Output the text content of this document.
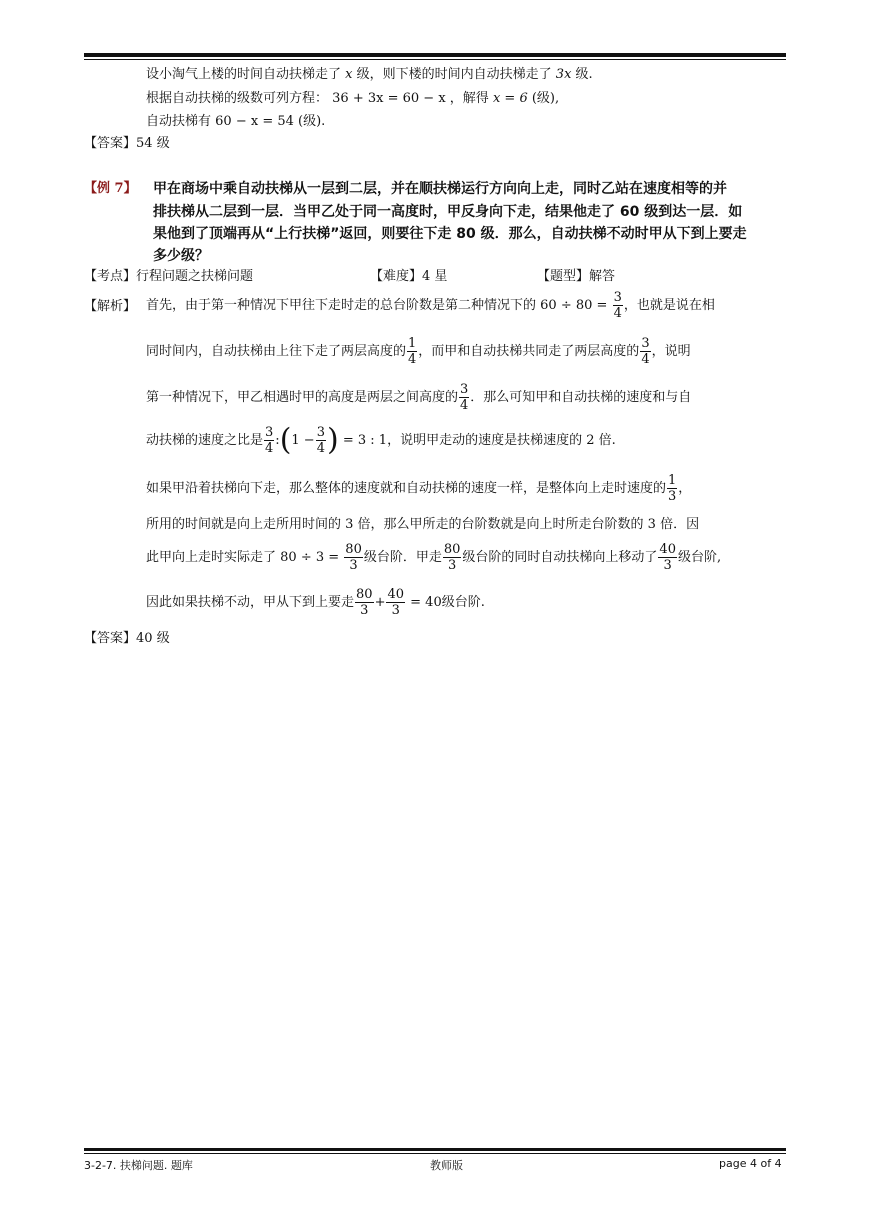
设小淘气上楼的时间自动扶梯走了 x 级，则下楼的时间内自动扶梯走了 3x 级.
根据自动扶梯的级数可列方程： 36 + 3x = 60 − x ，解得 x = 6 (级),
自动扶梯有 60 − x = 54 (级).
【答案】54 级
【例 7】 甲在商场中乘自动扶梯从一层到二层，并在顺扶梯运行方向向上走，同时乙站在速度相等的并
排扶梯从二层到一层．当甲乙处于同一高度时，甲反身向下走，结果他走了 60 级到达一层．如
果他到了顶端再从“上行扶梯”返回，则要往下走 80 级．那么，自动扶梯不动时甲从下到上要走
多少级？
【考点】行程问题之扶梯问题	【难度】4 星	【题型】解答
【解析】 首先，由于第一种情况下甲往下走时走的总台阶数是第二种情况下的 $60 \div 80 = \frac{3}{4}$ ，也就是说在相
同时间内，自动扶梯由上往下走了两层高度的 $\frac{1}{4}$ ，而甲和自动扶梯共同走了两层高度的 $\frac{3}{4}$ ，说明
第一种情况下，甲乙相遇时甲的高度是两层之间高度的 $\frac{3}{4}$ ．那么可知甲和自动扶梯的速度和与自
动扶梯的速度之比是 $\frac{3}{4}$ :(1 − $\frac{3}{4}$ ) = 3 : 1，说明甲走动的速度是扶梯速度的 2 倍.
如果甲沿着扶梯向下走，那么整体的速度就和自动扶梯的速度一样，是整体向上走时速度的 $\frac{1}{3}$ ，
所用的时间就是向上走所用时间的 3 倍，那么甲所走的台阶数就是向上时所走台阶数的 3 倍．因
此甲向上走时实际走了 $80 \div 3 = \frac{80}{3}$ 级台阶．甲走 $\frac{80}{3}$ 级台阶的同时自动扶梯向上移动了 $\frac{40}{3}$ 级台阶,
因此如果扶梯不动，甲从下到上要走 $\frac{80}{3} + \frac{40}{3} = 40$级台阶.
【答案】40 级
3-2-7. 扶梯问题. 题库	教师版	page 4 of 4
